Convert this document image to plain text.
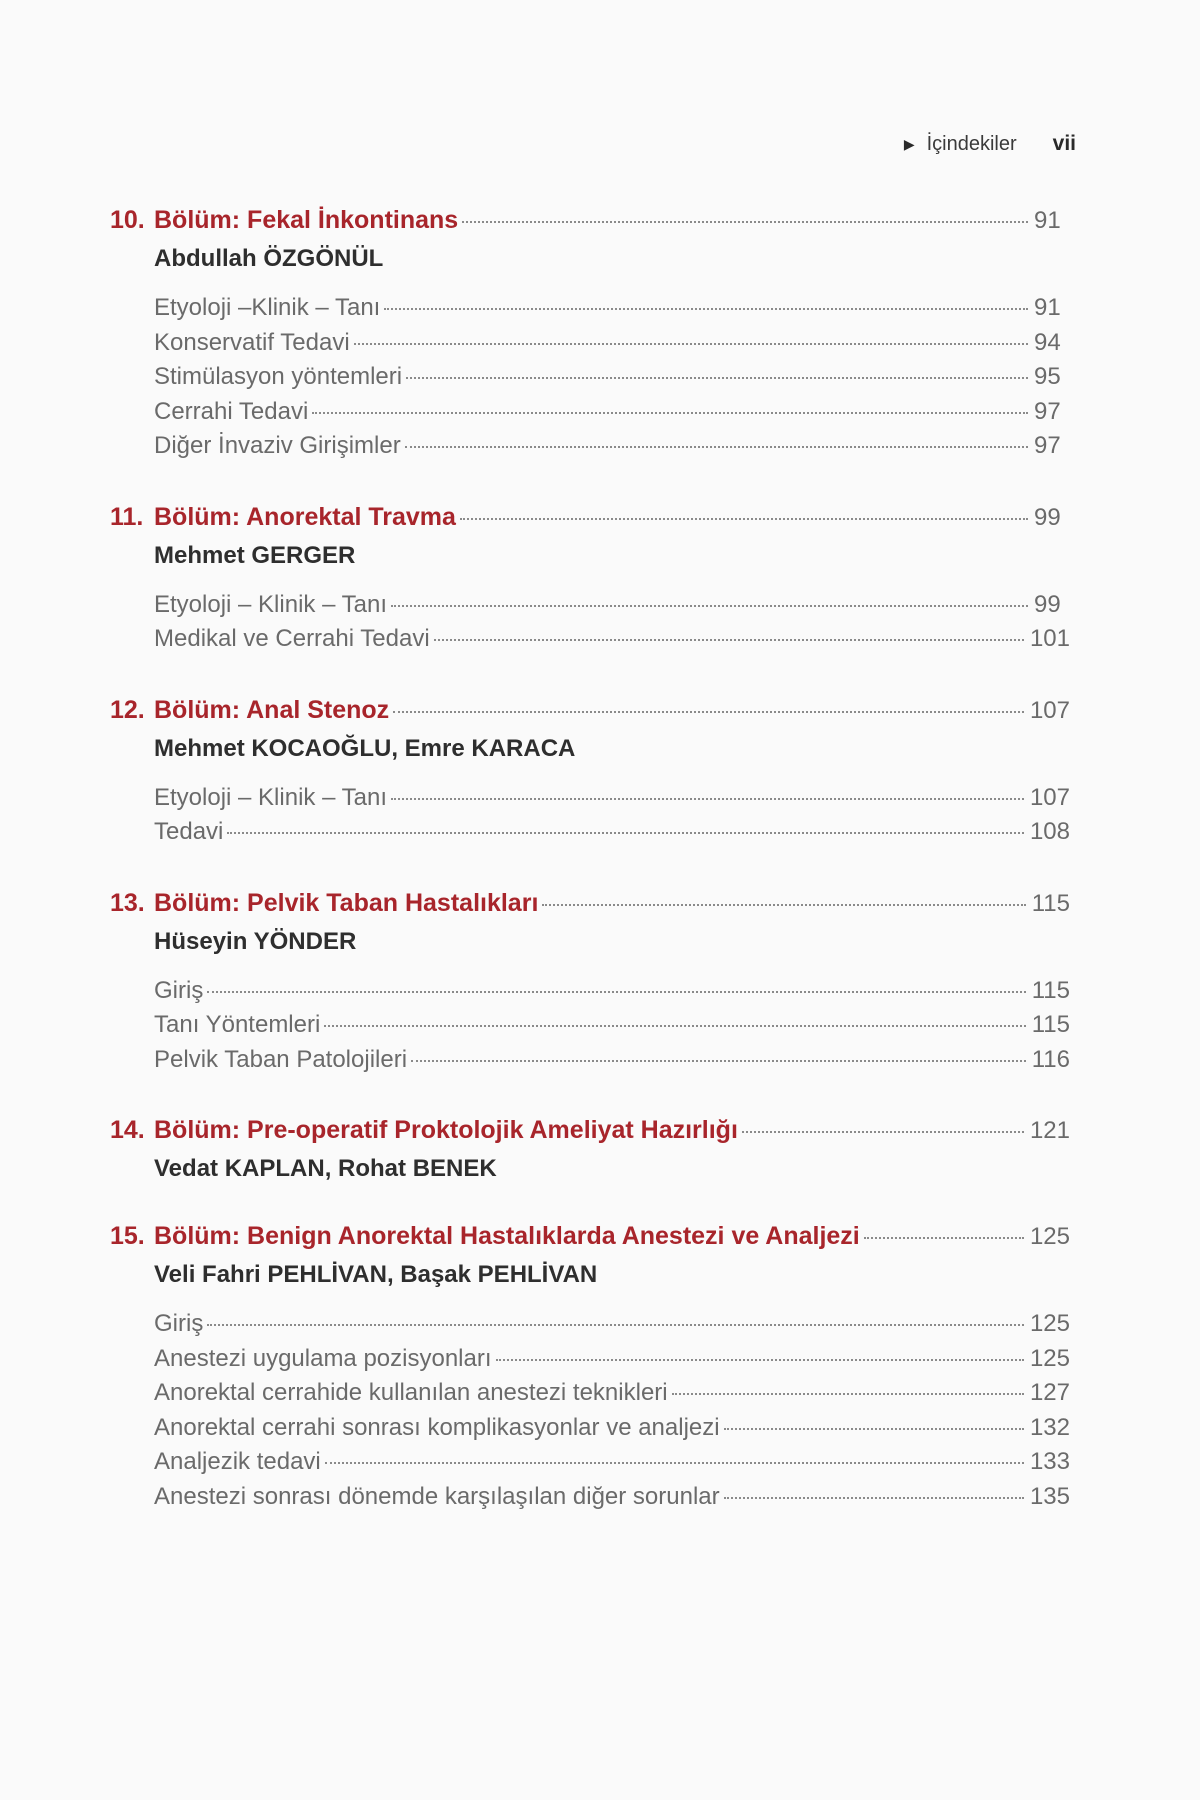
▶ İçindekiler vii
10. Bölüm: Fekal İnkontinans	91
Abdullah ÖZGÖNÜL
Etyoloji –Klinik – Tanı	91
Konservatif Tedavi	94
Stimülasyon yöntemleri	95
Cerrahi Tedavi	97
Diğer İnvaziv Girişimler	97
11. Bölüm: Anorektal Travma	99
Mehmet GERGER
Etyoloji – Klinik – Tanı	99
Medikal ve Cerrahi Tedavi	101
12. Bölüm: Anal Stenoz	107
Mehmet KOCAOĞLU, Emre KARACA
Etyoloji – Klinik – Tanı	107
Tedavi	108
13. Bölüm: Pelvik Taban Hastalıkları	115
Hüseyin YÖNDER
Giriş	115
Tanı Yöntemleri	115
Pelvik Taban Patolojileri	116
14. Bölüm: Pre-operatif Proktolojik Ameliyat Hazırlığı	121
Vedat KAPLAN, Rohat BENEK
15. Bölüm: Benign Anorektal Hastalıklarda Anestezi ve Analjezi	125
Veli Fahri PEHLİVAN, Başak PEHLİVAN
Giriş	125
Anestezi uygulama pozisyonları	125
Anorektal cerrahide kullanılan anestezi teknikleri	127
Anorektal cerrahi sonrası komplikasyonlar ve analjezi	132
Analjezik tedavi	133
Anestezi sonrası dönemde karşılaşılan diğer sorunlar	135
